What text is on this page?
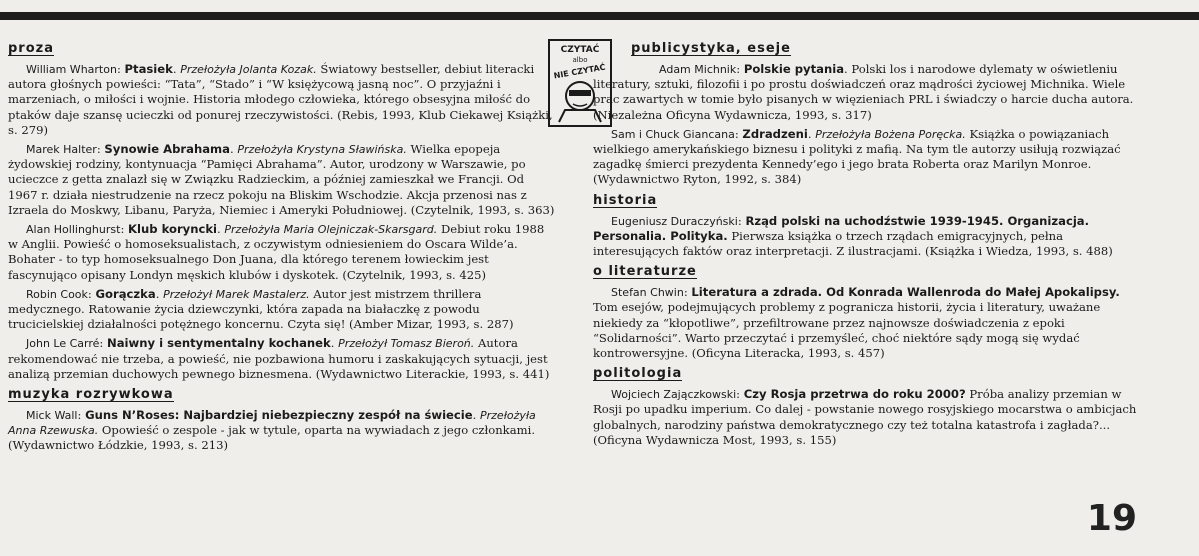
proza

William Wharton: Ptasiek. Przełożyła Jolanta Kozak. Światowy bestseller, debiut literacki autora głośnych powieści: “Tata”, “Stado” i “W księżycową jasną noc”. O przyjaźni i marzeniach, o miłości i wojnie. Historia młodego człowieka, którego obsesyjna miłość do ptaków daje szansę ucieczki od ponurej rzeczywistości. (Rebis, 1993, Klub Ciekawej Książki, s. 279)

Marek Halter: Synowie Abrahama. Przełożyła Krystyna Sławińska. Wielka epopeja żydowskiej rodziny, kontynuacja “Pamięci Abrahama”. Autor, urodzony w Warszawie, po ucieczce z getta znalazł się w Związku Radzieckim, a później zamieszkał we Francji. Od 1967 r. działa niestrudzenie na rzecz pokoju na Bliskim Wschodzie. Akcja przenosi nas z Izraela do Moskwy, Libanu, Paryża, Niemiec i Ameryki Południowej. (Czytelnik, 1993, s. 363)

Alan Hollinghurst: Klub koryncki. Przełożyła Maria Olejniczak-Skarsgard. Debiut roku 1988 w Anglii. Powieść o homoseksualistach, z oczywistym odniesieniem do Oscara Wilde’a. Bohater - to typ homoseksualnego Don Juana, dla którego terenem łowieckim jest fascynująco opisany Londyn męskich klubów i dyskotek. (Czytelnik, 1993, s. 425)

Robin Cook: Gorączka. Przełożył Marek Mastalerz. Autor jest mistrzem thrillera medycznego. Ratowanie życia dziewczynki, która zapada na białaczkę z powodu trucicielskiej działalności potężnego koncernu. Czyta się! (Amber Mizar, 1993, s. 287)

John Le Carré: Naiwny i sentymentalny kochanek. Przełożył Tomasz Bieroń. Autora rekomendować nie trzeba, a powieść, nie pozbawiona humoru i zaskakujących sytuacji, jest analizą przemian duchowych pewnego biznesmena. (Wydawnictwo Literackie, 1993, s. 441)

muzyka rozrywkowa

Mick Wall: Guns N’Roses: Najbardziej niebezpieczny zespół na świecie. Przełożyła Anna Rzewuska. Opowieść o zespole - jak w tytule, oparta na wywiadach z jego członkami. (Wydawnictwo Łódzkie, 1993, s. 213)

CZYTAĆ
albo
NIE CZYTAĆ
publicystyka, eseje

Adam Michnik: Polskie pytania. Polski los i narodowe dylematy w oświetleniu literatury, sztuki, filozofii i po prostu doświadczeń oraz mądrości życiowej Michnika. Wiele prac zawartych w tomie było pisanych w więzieniach PRL i świadczy o harcie ducha autora. (Niezależna Oficyna Wydawnicza, 1993, s. 317)

Sam i Chuck Giancana: Zdradzeni. Przełożyła Bożena Poręcka. Książka o powiązaniach wielkiego amerykańskiego biznesu i polityki z mafią. Na tym tle autorzy usiłują rozwiązać zagadkę śmierci prezydenta Kennedy’ego i jego brata Roberta oraz Marilyn Monroe. (Wydawnictwo Ryton, 1992, s. 384)

historia

Eugeniusz Duraczyński: Rząd polski na uchodźstwie 1939-1945. Organizacja. Personalia. Polityka. Pierwsza książka o trzech rządach emigracyjnych, pełna interesujących faktów oraz interpretacji. Z ilustracjami. (Książka i Wiedza, 1993, s. 488)

o literaturze

Stefan Chwin: Literatura a zdrada. Od Konrada Wallenroda do Małej Apokalipsy. Tom esejów, podejmujących problemy z pogranicza historii, życia i literatury, uważane niekiedy za “kłopotliwe”, przefiltrowane przez najnowsze doświadczenia z epoki “Solidarności”. Warto przeczytać i przemyśleć, choć niektóre sądy mogą się wydać kontrowersyjne. (Oficyna Literacka, 1993, s. 457)

politologia

Wojciech Zajączkowski: Czy Rosja przetrwa do roku 2000? Próba analizy przemian w Rosji po upadku imperium. Co dalej - powstanie nowego rosyjskiego mocarstwa o ambicjach globalnych, narodziny państwa demokratycznego czy też totalna katastrofa i zagłada?... (Oficyna Wydawnicza Most, 1993, s. 155)

19
